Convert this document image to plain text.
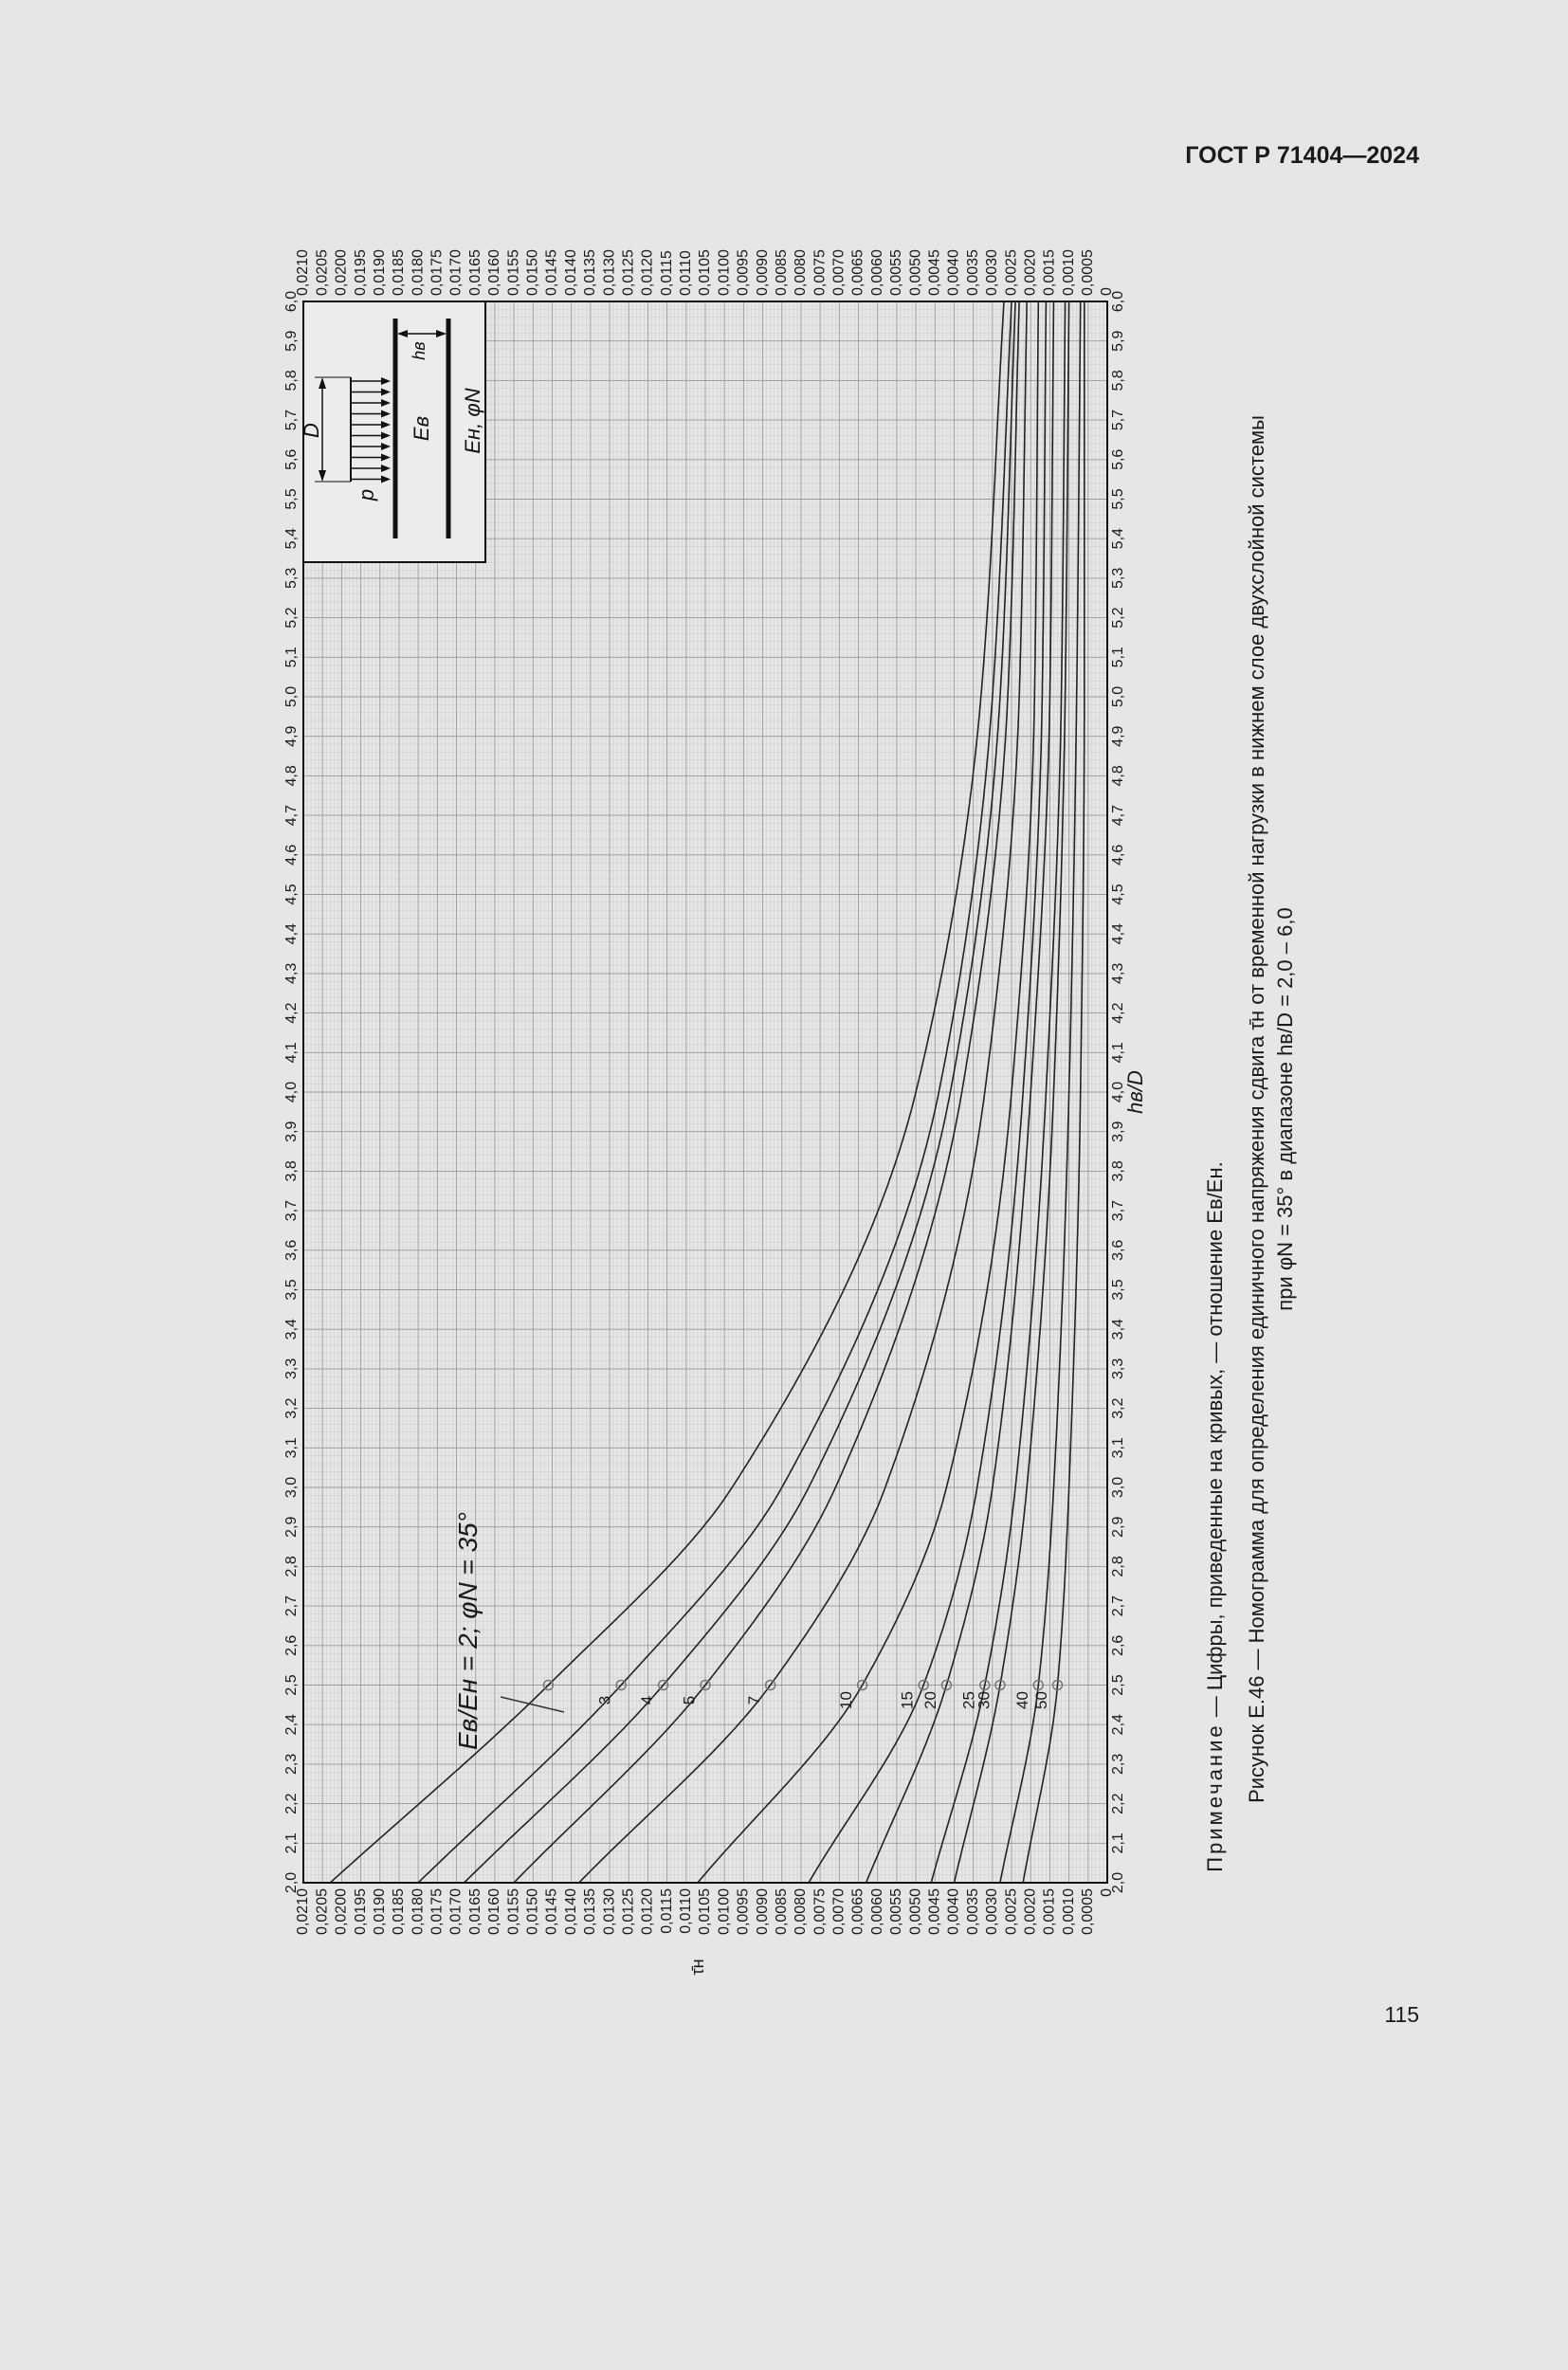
ГОСТ Р 71404—2024
2,0
2,1
2,2
2,3
2,4
2,5
2,6
2,7
2,8
2,9
3,0
3,1
3,2
3,3
3,4
3,5
3,6
3,7
3,8
3,9
4,0
4,1
4,2
4,3
4,4
4,5
4,6
4,7
4,8
4,9
5,0
5,1
5,2
5,3
5,4
5,5
5,6
5,7
5,8
5,9
6,0
2,0
2,1
2,2
2,3
2,4
2,5
2,6
2,7
2,8
2,9
3,0
3,1
3,2
3,3
3,4
3,5
3,6
3,7
3,8
3,9
4,0
4,1
4,2
4,3
4,4
4,5
4,6
4,7
4,8
4,9
5,0
5,1
5,2
5,3
5,4
5,5
5,6
5,7
5,8
5,9
6,0
0
0,0005
0,0010
0,0015
0,0020
0,0025
0,0030
0,0035
0,0040
0,0045
0,0050
0,0055
0,0060
0,0065
0,0070
0,0075
0,0080
0,0085
0,0090
0,0095
0,0100
0,0105
0,0110
0,0115
0,0120
0,0125
0,0130
0,0135
0,0140
0,0145
0,0150
0,0155
0,0160
0,0165
0,0170
0,0175
0,0180
0,0185
0,0190
0,0195
0,0200
0,0205
0,0210
0
0,0005
0,0010
0,0015
0,0020
0,0025
0,0030
0,0035
0,0040
0,0045
0,0050
0,0055
0,0060
0,0065
0,0070
0,0075
0,0080
0,0085
0,0090
0,0095
0,0100
0,0105
0,0110
0,0115
0,0120
0,0125
0,0130
0,0135
0,0140
0,0145
0,0150
0,0155
0,0160
0,0165
0,0170
0,0175
0,0180
0,0185
0,0190
0,0195
0,0200
0,0205
0,0210
3 4 5	7	10	15 20 25
30 40 50
hв/D
τ̄н
Eв/Eн = 2; φN = 35°
D
p
Eв Eн, φN
hв
Примечание — Цифры, приведенные на кривых, — отношение Eв/Eн. Рисунок Е.46 — Номограмма для определения единичного напряжения сдвига τ̄н от временной нагрузки в нижнем слое двухслойной системы при φN = 35° в диапазоне hв/D = 2,0 – 6,0
115
